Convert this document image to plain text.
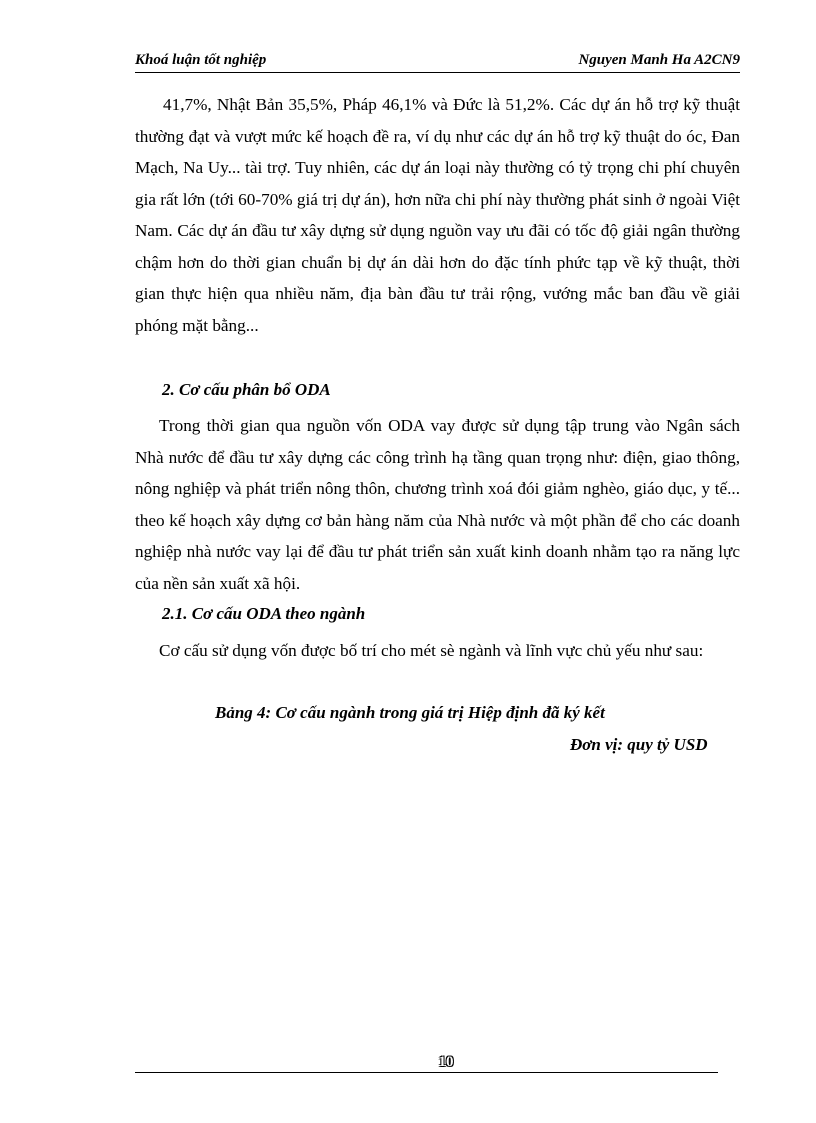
Khoá luận tốt nghiệp	Nguyen Manh Ha A2CN9
41,7%, Nhật Bản 35,5%, Pháp 46,1% và Đức là 51,2%. Các dự án hỗ trợ kỹ thuật thường đạt và vượt mức kế hoạch đề ra, ví dụ như các dự án hỗ trợ kỹ thuật do óc, Đan Mạch, Na Uy... tài trợ. Tuy nhiên, các dự án loại này thường có tỷ trọng chi phí chuyên gia rất lớn (tới 60-70% giá trị dự án), hơn nữa chi phí này thường phát sinh ở ngoài Việt Nam. Các dự án đầu tư xây dựng sử dụng nguồn vay ưu đãi có tốc độ giải ngân thường chậm hơn do thời gian chuẩn bị dự án dài hơn do đặc tính phức tạp về kỹ thuật, thời gian thực hiện qua nhiều năm, địa bàn đầu tư trải rộng, vướng mắc ban đầu về giải phóng mặt bằng...
2. Cơ cấu phân bổ ODA
Trong thời gian qua nguồn vốn ODA vay được sử dụng tập trung vào Ngân sách Nhà nước để đầu tư xây dựng các công trình hạ tầng quan trọng như: điện, giao thông, nông nghiệp và phát triển nông thôn, chương trình xoá đói giảm nghèo, giáo dục, y tế... theo kế hoạch xây dựng cơ bản hàng năm của Nhà nước và một phần để cho các doanh nghiệp nhà nước vay lại để đầu tư phát triển sản xuất kinh doanh nhằm tạo ra năng lực của nền sản xuất xã hội.
2.1. Cơ cấu ODA theo ngành
Cơ cấu sử dụng vốn được bố trí cho mét sè ngành và lĩnh vực chủ yếu như sau:
Bảng 4: Cơ cấu ngành trong giá trị Hiệp định đã ký kết
Đơn vị: quy tỷ USD
10
